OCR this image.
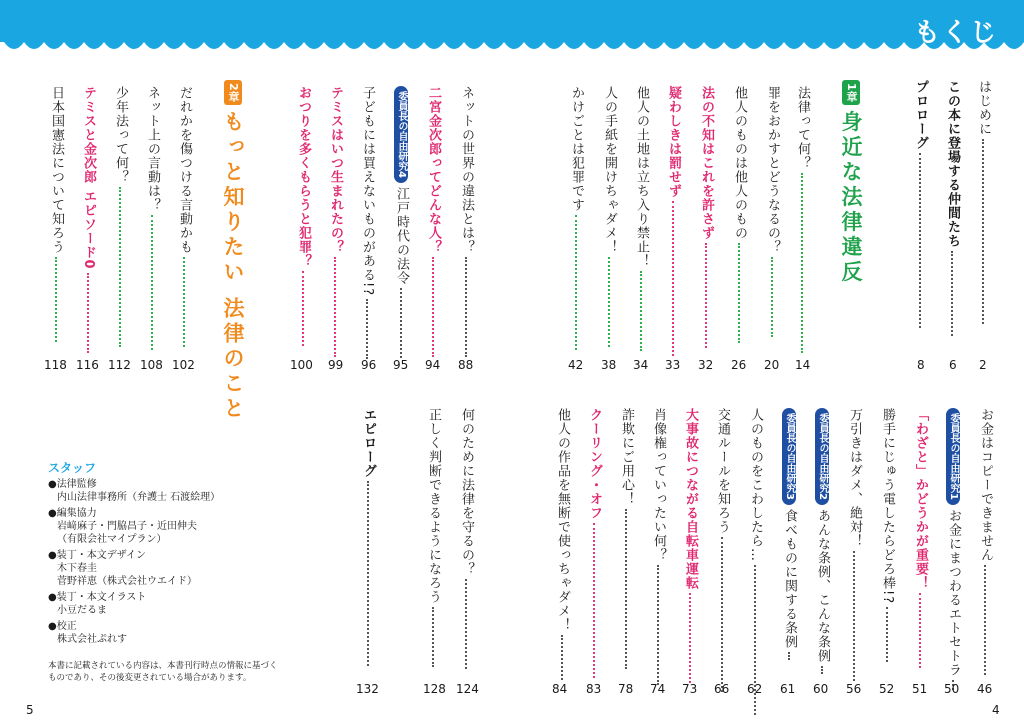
もくじ
1章身近な法律違反
2章もっと知りたい 法律のこと
はじめに
2
この本に登場する仲間たち
6
プロローグ
8
法律って何？
14
罪をおかすとどうなるの？
20
他人のものは他人のもの
26
法の不知はこれを許さず
32
疑わしきは罰せず
33
他人の土地は立ち入り禁止！
34
人の手紙を開けちゃダメ！
38
かけごとは犯罪です
42
ネットの世界の違法とは？
88
二宮金次郎ってどんな人？
94
委員長の自由研究4江戸時代の法令
95
子どもには買えないものがある!?
96
テミスはいつ生まれたの？
99
おつりを多くもらうと犯罪？
100
だれかを傷つける言動かも
102
ネット上の言動は？
108
少年法って何？
112
テミスと金次郎 エピソード0
116
日本国憲法について知ろう
118
お金はコピーできません
46
委員長の自由研究1お金にまつわるエトセトラ
50
「わざと」かどうかが重要！
51
勝手にじゅう電したらどろ棒!?
52
万引きはダメ、絶対！
56
委員長の自由研究2あんな条例、こんな条例
60
委員長の自由研究3食べものに関する条例
61
人のものをこわしたら…
62
交通ルールを知ろう
66
大事故につながる自転車運転
73
肖像権っていったい何？
74
詐欺にご用心！
78
クーリング・オフ
83
他人の作品を無断で使っちゃダメ！
84
何のために法律を守るの？
124
正しく判断できるようになろう
128
エピローグ
132
スタッフ
●法律監修
内山法律事務所（弁護士 石渡絵理）
●編集協力
岩﨑麻子・門脇昌子・近田伸夫
（有限会社マイプラン）
●装丁・本文デザイン
木下春圭
菅野祥恵（株式会社ウエイド）
●装丁・本文イラスト
小豆だるま
●校正
株式会社ぷれす
本書に記載されている内容は、本書刊行時点の情報に基づくものであり、その後変更されている場合があります。
5	4
